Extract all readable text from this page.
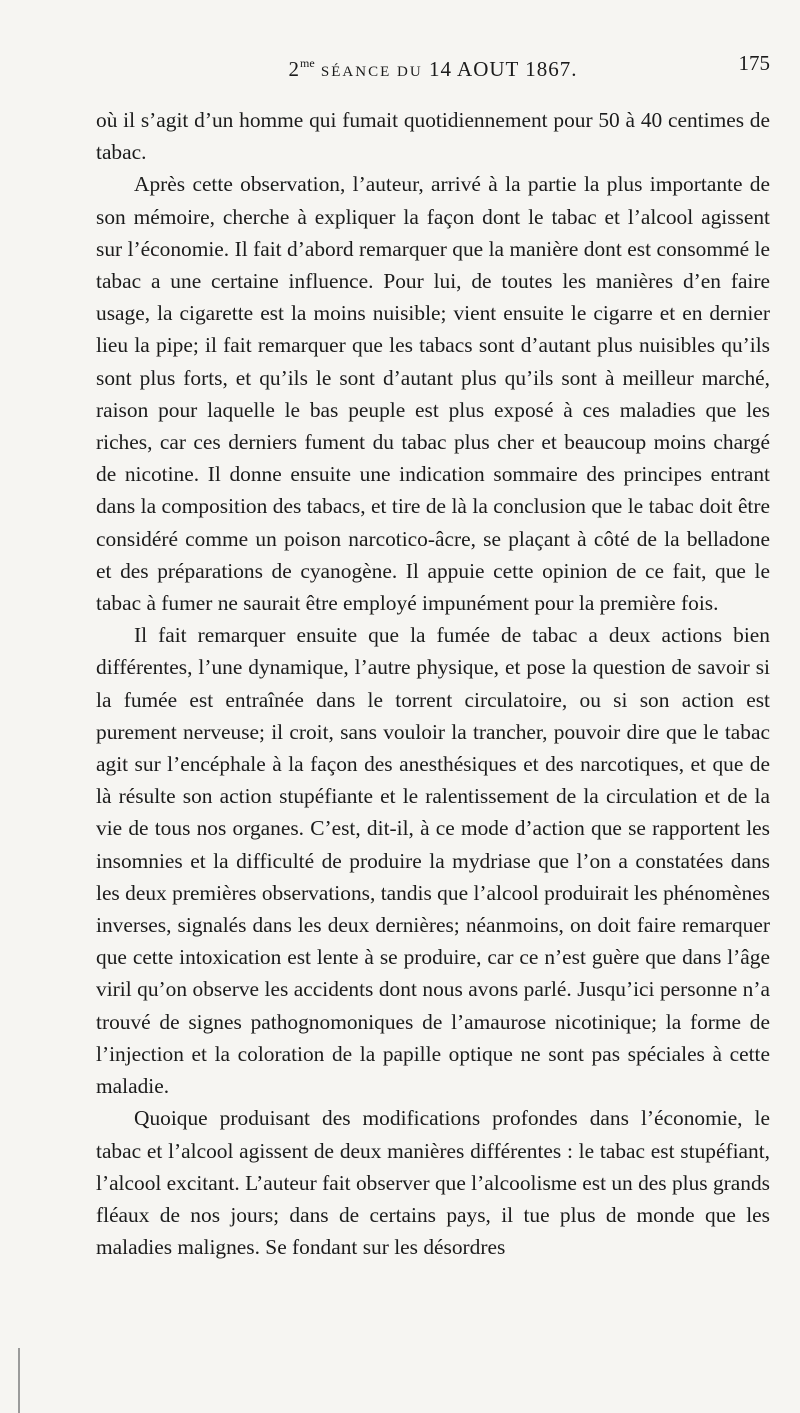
$2^{me}$ SÉANCE DU 14 AOUT 1867.	175

où il s’agit d’un homme qui fumait quotidiennement pour 50 à 40 centimes de tabac.

Après cette observation, l’auteur, arrivé à la partie la plus importante de son mémoire, cherche à expliquer la façon dont le tabac et l’alcool agissent sur l’économie. Il fait d’abord remarquer que la manière dont est consommé le tabac a une certaine influence. Pour lui, de toutes les manières d’en faire usage, la cigarette est la moins nuisible; vient ensuite le cigarre et en dernier lieu la pipe; il fait remarquer que les tabacs sont d’autant plus nuisibles qu’ils sont plus forts, et qu’ils le sont d’autant plus qu’ils sont à meilleur marché, raison pour laquelle le bas peuple est plus exposé à ces maladies que les riches, car ces derniers fument du tabac plus cher et beaucoup moins chargé de nicotine. Il donne ensuite une indication sommaire des principes entrant dans la composition des tabacs, et tire de là la conclusion que le tabac doit être considéré comme un poison narcotico-âcre, se plaçant à côté de la belladone et des préparations de cyanogène. Il appuie cette opinion de ce fait, que le tabac à fumer ne saurait être employé impunément pour la première fois.

Il fait remarquer ensuite que la fumée de tabac a deux actions bien différentes, l’une dynamique, l’autre physique, et pose la question de savoir si la fumée est entraînée dans le torrent circulatoire, ou si son action est purement nerveuse; il croit, sans vouloir la trancher, pouvoir dire que le tabac agit sur l’encéphale à la façon des anesthésiques et des narcotiques, et que de là résulte son action stupéfiante et le ralentissement de la circulation et de la vie de tous nos organes. C’est, dit-il, à ce mode d’action que se rapportent les insomnies et la difficulté de produire la mydriase que l’on a constatées dans les deux premières observations, tandis que l’alcool produirait les phénomènes inverses, signalés dans les deux dernières; néanmoins, on doit faire remarquer que cette intoxication est lente à se produire, car ce n’est guère que dans l’âge viril qu’on observe les accidents dont nous avons parlé. Jusqu’ici personne n’a trouvé de signes pathognomoniques de l’amaurose nicotinique; la forme de l’injection et la coloration de la papille optique ne sont pas spéciales à cette maladie.

Quoique produisant des modifications profondes dans l’économie, le tabac et l’alcool agissent de deux manières différentes : le tabac est stupéfiant, l’alcool excitant. L’auteur fait observer que l’alcoolisme est un des plus grands fléaux de nos jours; dans de certains pays, il tue plus de monde que les maladies malignes. Se fondant sur les désordres
